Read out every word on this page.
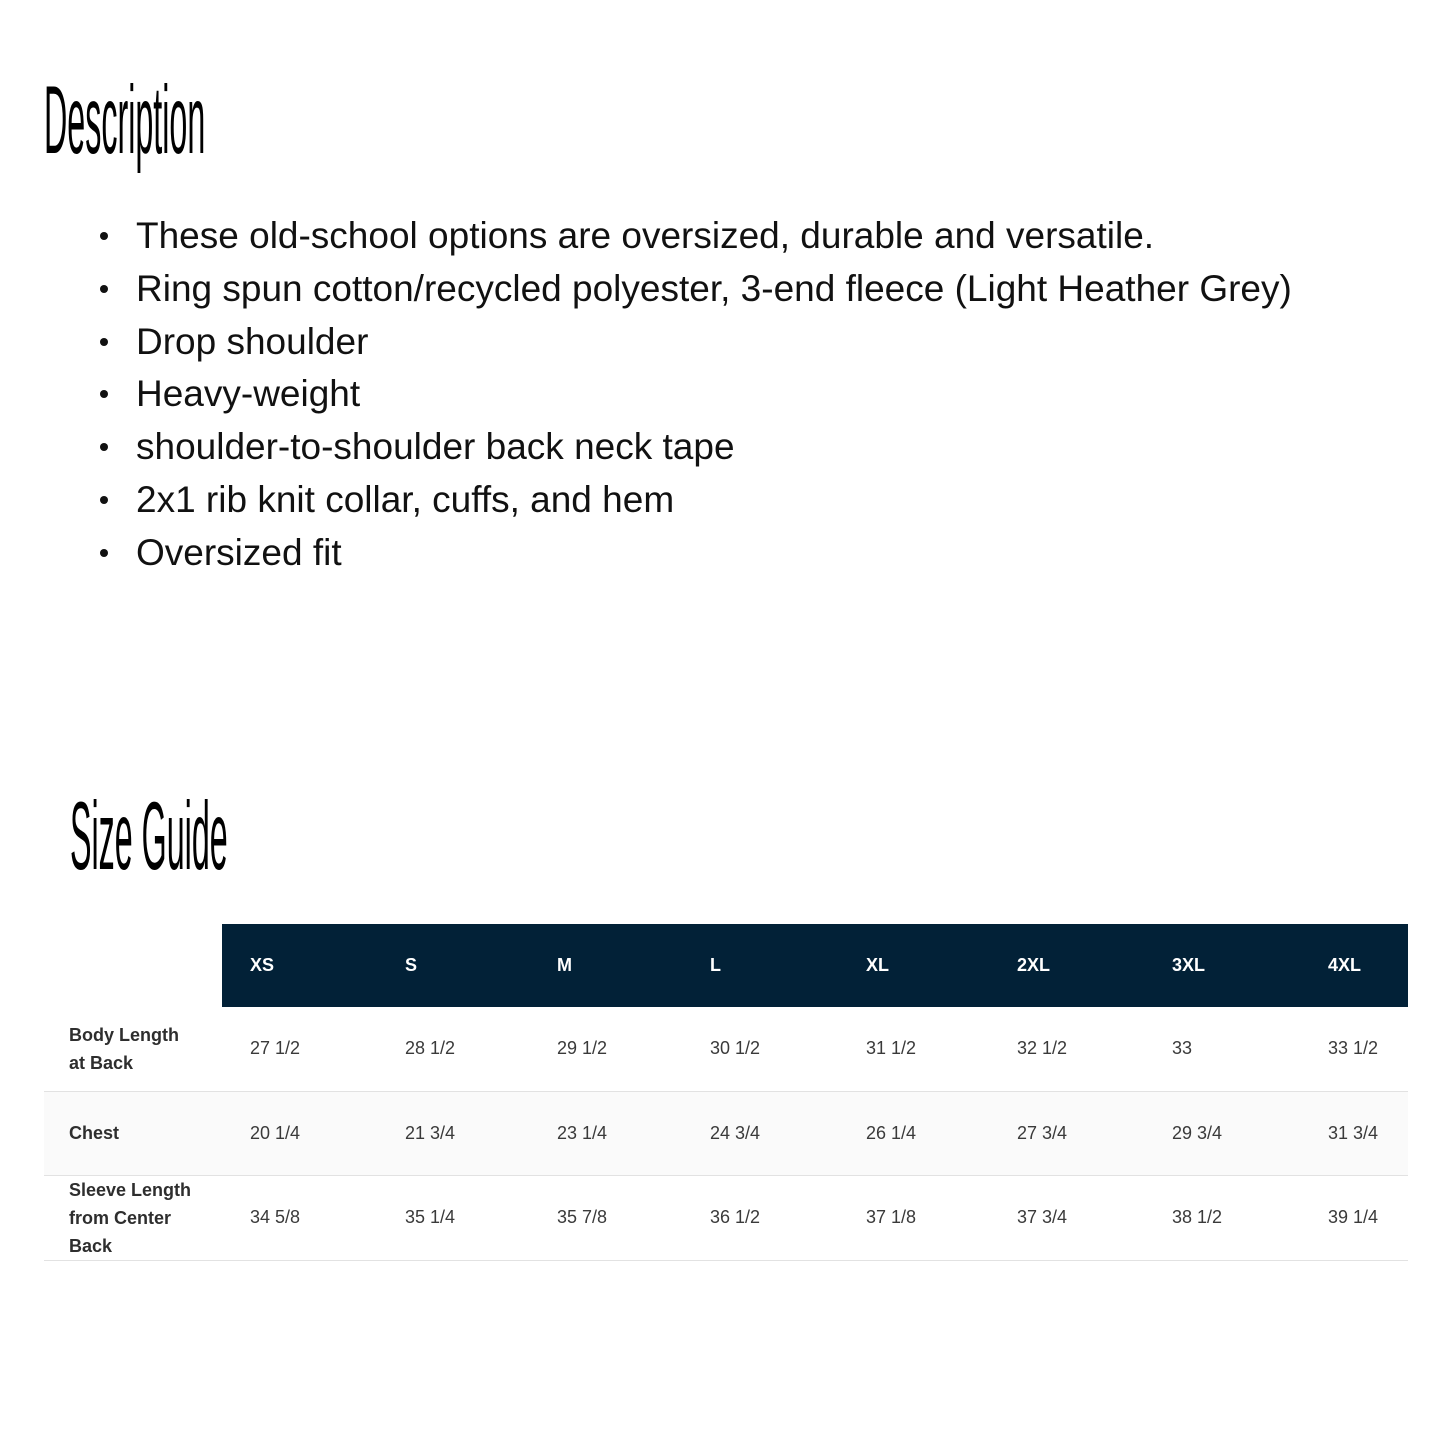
Description
These old-school options are oversized, durable and versatile.
Ring spun cotton/recycled polyester, 3-end fleece (Light Heather Grey)
Drop shoulder
Heavy-weight
shoulder-to-shoulder back neck tape
2x1 rib knit collar, cuffs, and hem
Oversized fit
Size Guide
	XS	S	M	L	XL	2XL	3XL	4XL

Body Length at Back	27 1/2	28 1/2	29 1/2	30 1/2	31 1/2	32 1/2	33	33 1/2

Chest	20 1/4	21 3/4	23 1/4	24 3/4	26 1/4	27 3/4	29 3/4	31 3/4

Sleeve Length from Center Back	34 5/8	35 1/4	35 7/8	36 1/2	37 1/8	37 3/4	38 1/2	39 1/4
